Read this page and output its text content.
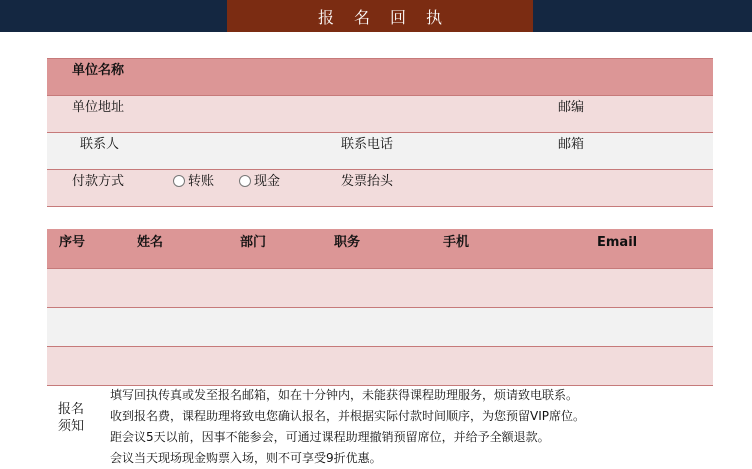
报名回执
单位名称
单位地址	邮编
联系人	联系电话	邮箱
付款方式	转账	现金	发票抬头
序号	姓名	部门	职务	手机	Email
报名须知
填写回执传真或发至报名邮箱，如在十分钟内，未能获得课程助理服务，烦请致电联系。
收到报名费，课程助理将致电您确认报名，并根据实际付款时间顺序，为您预留VIP席位。
距会议5天以前，因事不能参会，可通过课程助理撤销预留席位，并给予全额退款。
会议当天现场现金购票入场，则不可享受9折优惠。
